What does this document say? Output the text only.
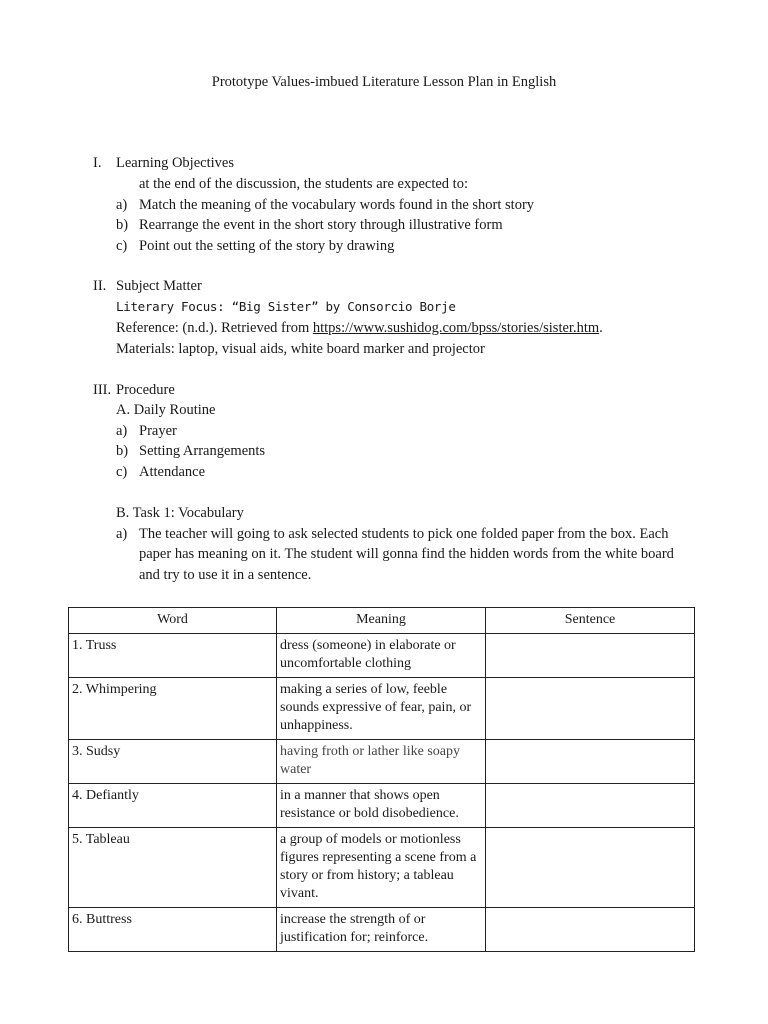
Prototype Values-imbued Literature Lesson Plan in English
I. Learning Objectives
at the end of the discussion, the students are expected to:
a) Match the meaning of the vocabulary words found in the short story
b) Rearrange the event in the short story through illustrative form
c) Point out the setting of the story by drawing
II. Subject Matter
Literary Focus: “Big Sister” by Consorcio Borje
Reference: (n.d.). Retrieved from https://www.sushidog.com/bpss/stories/sister.htm.
Materials: laptop, visual aids, white board marker and projector
III. Procedure
A. Daily Routine
a) Prayer
b) Setting Arrangements
c) Attendance
B. Task 1: Vocabulary
a) The teacher will going to ask selected students to pick one folded paper from the box. Each
paper has meaning on it. The student will gonna find the hidden words from the white board
and try to use it in a sentence.
Word	Meaning	Sentence
1. Truss	dress (someone) in elaborate or uncomfortable clothing	
2. Whimpering	making a series of low, feeble sounds expressive of fear, pain, or unhappiness.	
3. Sudsy	having froth or lather like soapy water	
4. Defiantly	in a manner that shows open resistance or bold disobedience.	
5. Tableau	a group of models or motionless figures representing a scene from a story or from history; a tableau vivant.	
6. Buttress	increase the strength of or justification for; reinforce.	
